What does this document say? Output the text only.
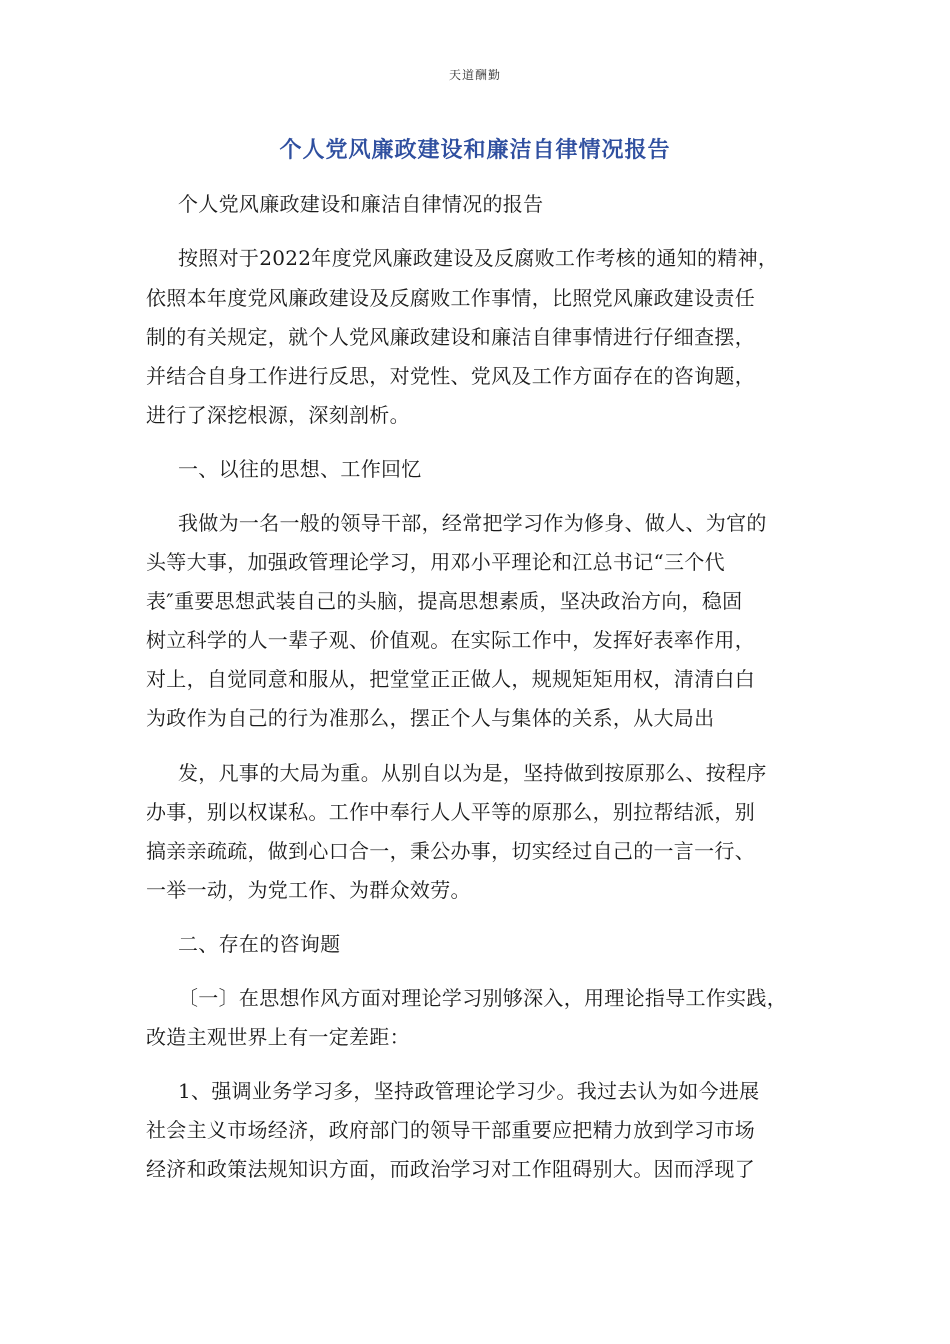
天道酬勤
个人党风廉政建设和廉洁自律情况报告
个人党风廉政建设和廉洁自律情况的报告
按照对于2022年度党风廉政建设及反腐败工作考核的通知的精神，
依照本年度党风廉政建设及反腐败工作事情，比照党风廉政建设责任
制的有关规定，就个人党风廉政建设和廉洁自律事情进行仔细查摆，
并结合自身工作进行反思，对党性、党风及工作方面存在的咨询题，
进行了深挖根源，深刻剖析。
一、以往的思想、工作回忆
我做为一名一般的领导干部，经常把学习作为修身、做人、为官的
头等大事，加强政管理论学习，用邓小平理论和江总书记“三个代
表″重要思想武装自己的头脑，提高思想素质，坚决政治方向，稳固
树立科学的人一辈子观、价值观。在实际工作中，发挥好表率作用，
对上，自觉同意和服从，把堂堂正正做人，规规矩矩用权，清清白白
为政作为自己的行为准那么，摆正个人与集体的关系，从大局出
发，凡事的大局为重。从别自以为是，坚持做到按原那么、按程序
办事，别以权谋私。工作中奉行人人平等的原那么，别拉帮结派，别
搞亲亲疏疏，做到心口合一，秉公办事，切实经过自己的一言一行、
一举一动，为党工作、为群众效劳。
二、存在的咨询题
〔一〕在思想作风方面对理论学习别够深入，用理论指导工作实践，
改造主观世界上有一定差距：
1、强调业务学习多，坚持政管理论学习少。我过去认为如今进展
社会主义市场经济，政府部门的领导干部重要应把精力放到学习市场
经济和政策法规知识方面，而政治学习对工作阻碍别大。因而浮现了
